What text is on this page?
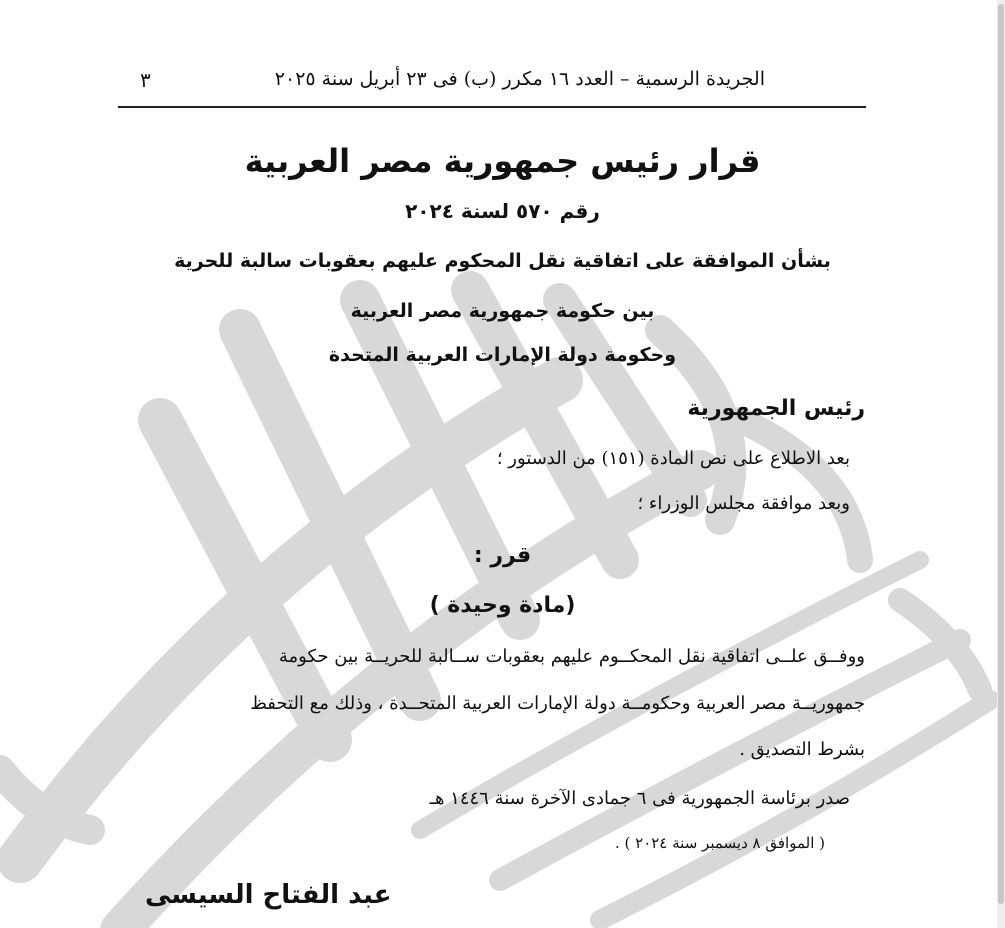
الجريدة الرسمية – العدد ١٦ مكرر (ب) فى ٢٣ أبريل سنة ٢٠٢٥
٣
قرار رئيس جمهورية مصر العربية
رقم ٥٧٠ لسنة ٢٠٢٤
بشأن الموافقة على اتفاقية نقل المحكوم عليهم بعقوبات سالبة للحرية
بين حكومة جمهورية مصر العربية
وحكومة دولة الإمارات العربية المتحدة
رئيس الجمهورية
بعد الاطلاع على نص المادة (١٥١) من الدستور ؛
وبعد موافقة مجلس الوزراء ؛
قرر :
(مادة وحيدة )
ووفــق علــى اتفاقية نقل المحكــوم عليهم بعقوبات ســالبة للحريــة بين حكومة
جمهوريــة مصر العربية وحكومــة دولة الإمارات العربية المتحــدة ، وذلك مع التحفظ
بشرط التصديق .
صدر برئاسة الجمهورية فى ٦ جمادى الآخرة سنة ١٤٤٦ هـ
( الموافق ٨ ديسمبر سنة ٢٠٢٤ ) .
عبد الفتاح السيسى
